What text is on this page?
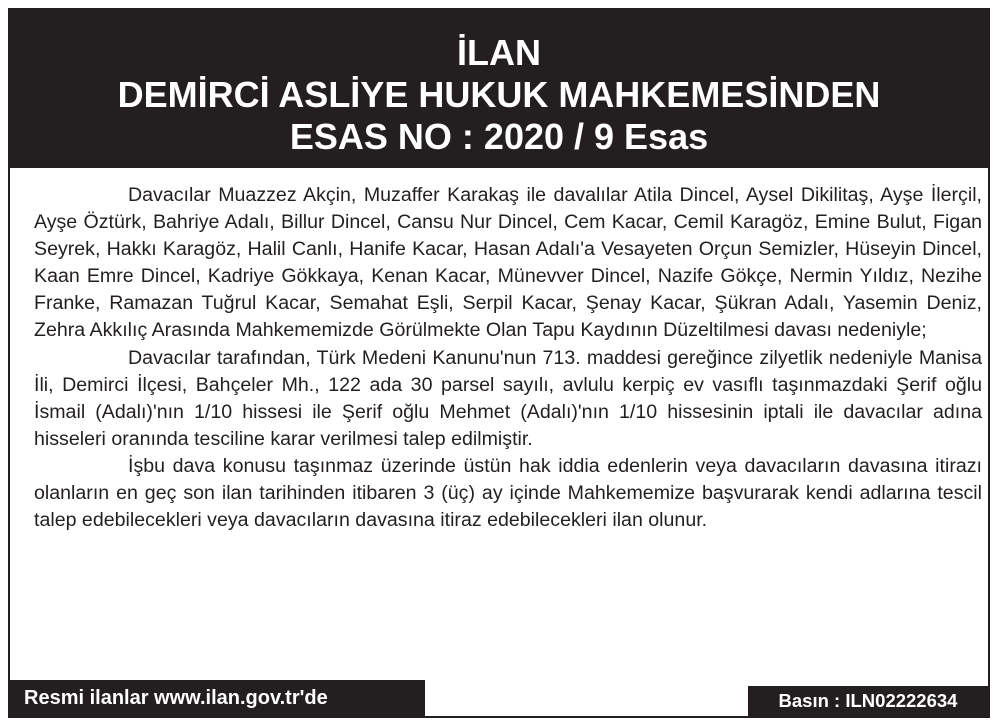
İLAN
DEMİRCİ ASLİYE HUKUK MAHKEMESİNDEN
ESAS NO : 2020 / 9 Esas

Davacılar Muazzez Akçin, Muzaffer Karakaş ile davalılar Atila Dincel, Aysel Dikilitaş, Ayşe İlerçil, Ayşe Öztürk, Bahriye Adalı, Billur Dincel, Cansu Nur Dincel, Cem Kacar, Cemil Karagöz, Emine Bulut, Figan Seyrek, Hakkı Karagöz, Halil Canlı, Hanife Kacar, Hasan Adalı'a Vesayeten Orçun Semizler, Hüseyin Dincel, Kaan Emre Dincel, Kadriye Gökkaya, Kenan Kacar, Münevver Dincel, Nazife Gökçe, Nermin Yıldız, Nezihe Franke, Ramazan Tuğrul Kacar, Semahat Eşli, Serpil Kacar, Şenay Kacar, Şükran Adalı, Yasemin Deniz, Zehra Akkılıç Arasında Mahkememizde Görülmekte Olan Tapu Kaydının Düzeltilmesi davası nedeniyle;

Davacılar tarafından, Türk Medeni Kanunu'nun 713. maddesi gereğince zilyetlik nedeniyle Manisa İli, Demirci İlçesi, Bahçeler Mh., 122 ada 30 parsel sayılı, avlulu kerpiç ev vasıflı taşınmazdaki Şerif oğlu İsmail (Adalı)'nın 1/10 hissesi ile Şerif oğlu Mehmet (Adalı)'nın 1/10 hissesinin iptali ile davacılar adına hisseleri oranında tesciline karar verilmesi talep edilmiştir.

İşbu dava konusu taşınmaz üzerinde üstün hak iddia edenlerin veya davacıların davasına itirazı olanların en geç son ilan tarihinden itibaren 3 (üç) ay içinde Mahkememize başvurarak kendi adlarına tescil talep edebilecekleri veya davacıların davasına itiraz edebilecekleri ilan olunur.

Resmi ilanlar www.ilan.gov.tr'de	Basın : ILN02222634
